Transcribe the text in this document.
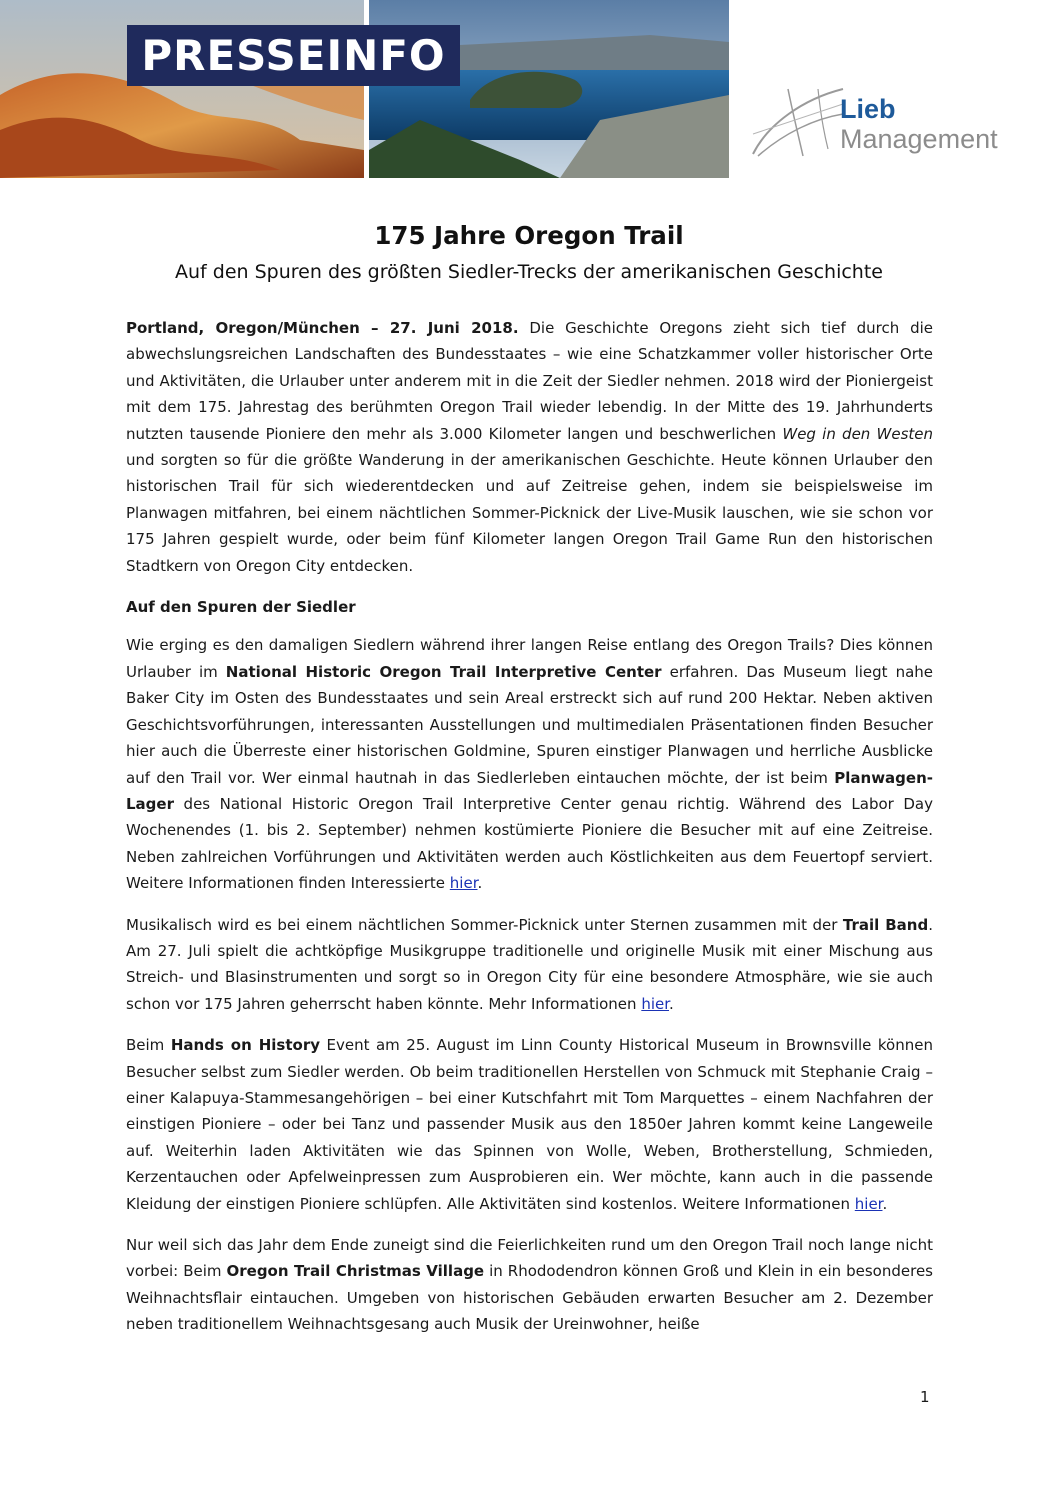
PRESSEINFO
Lieb
Management
175 Jahre Oregon Trail
Auf den Spuren des größten Siedler-Trecks der amerikanischen Geschichte

Portland, Oregon/München – 27. Juni 2018. Die Geschichte Oregons zieht sich tief durch die abwechslungsreichen Landschaften des Bundesstaates – wie eine Schatzkammer voller historischer Orte und Aktivitäten, die Urlauber unter anderem mit in die Zeit der Siedler nehmen. 2018 wird der Pioniergeist mit dem 175. Jahrestag des berühmten Oregon Trail wieder lebendig. In der Mitte des 19. Jahrhunderts nutzten tausende Pioniere den mehr als 3.000 Kilometer langen und beschwerlichen Weg in den Westen und sorgten so für die größte Wanderung in der amerikanischen Geschichte. Heute können Urlauber den historischen Trail für sich wiederentdecken und auf Zeitreise gehen, indem sie beispielsweise im Planwagen mitfahren, bei einem nächtlichen Sommer-Picknick der Live-Musik lauschen, wie sie schon vor 175 Jahren gespielt wurde, oder beim fünf Kilometer langen Oregon Trail Game Run den historischen Stadtkern von Oregon City entdecken.

Auf den Spuren der Siedler

Wie erging es den damaligen Siedlern während ihrer langen Reise entlang des Oregon Trails? Dies können Urlauber im National Historic Oregon Trail Interpretive Center erfahren. Das Museum liegt nahe Baker City im Osten des Bundesstaates und sein Areal erstreckt sich auf rund 200 Hektar. Neben aktiven Geschichtsvorführungen, interessanten Ausstellungen und multimedialen Präsentationen finden Besucher hier auch die Überreste einer historischen Goldmine, Spuren einstiger Planwagen und herrliche Ausblicke auf den Trail vor. Wer einmal hautnah in das Siedlerleben eintauchen möchte, der ist beim Planwagen-Lager des National Historic Oregon Trail Interpretive Center genau richtig. Während des Labor Day Wochenendes (1. bis 2. September) nehmen kostümierte Pioniere die Besucher mit auf eine Zeitreise. Neben zahlreichen Vorführungen und Aktivitäten werden auch Köstlichkeiten aus dem Feuertopf serviert. Weitere Informationen finden Interessierte hier.

Musikalisch wird es bei einem nächtlichen Sommer-Picknick unter Sternen zusammen mit der Trail Band. Am 27. Juli spielt die achtköpfige Musikgruppe traditionelle und originelle Musik mit einer Mischung aus Streich- und Blasinstrumenten und sorgt so in Oregon City für eine besondere Atmosphäre, wie sie auch schon vor 175 Jahren geherrscht haben könnte. Mehr Informationen hier.

Beim Hands on History Event am 25. August im Linn County Historical Museum in Brownsville können Besucher selbst zum Siedler werden. Ob beim traditionellen Herstellen von Schmuck mit Stephanie Craig – einer Kalapuya-Stammesangehörigen – bei einer Kutschfahrt mit Tom Marquettes – einem Nachfahren der einstigen Pioniere – oder bei Tanz und passender Musik aus den 1850er Jahren kommt keine Langeweile auf. Weiterhin laden Aktivitäten wie das Spinnen von Wolle, Weben, Brotherstellung, Schmieden, Kerzentauchen oder Apfelweinpressen zum Ausprobieren ein. Wer möchte, kann auch in die passende Kleidung der einstigen Pioniere schlüpfen. Alle Aktivitäten sind kostenlos. Weitere Informationen hier.

Nur weil sich das Jahr dem Ende zuneigt sind die Feierlichkeiten rund um den Oregon Trail noch lange nicht vorbei: Beim Oregon Trail Christmas Village in Rhododendron können Groß und Klein in ein besonderes Weihnachtsflair eintauchen. Umgeben von historischen Gebäuden erwarten Besucher am 2. Dezember neben traditionellem Weihnachtsgesang auch Musik der Ureinwohner, heiße

1
